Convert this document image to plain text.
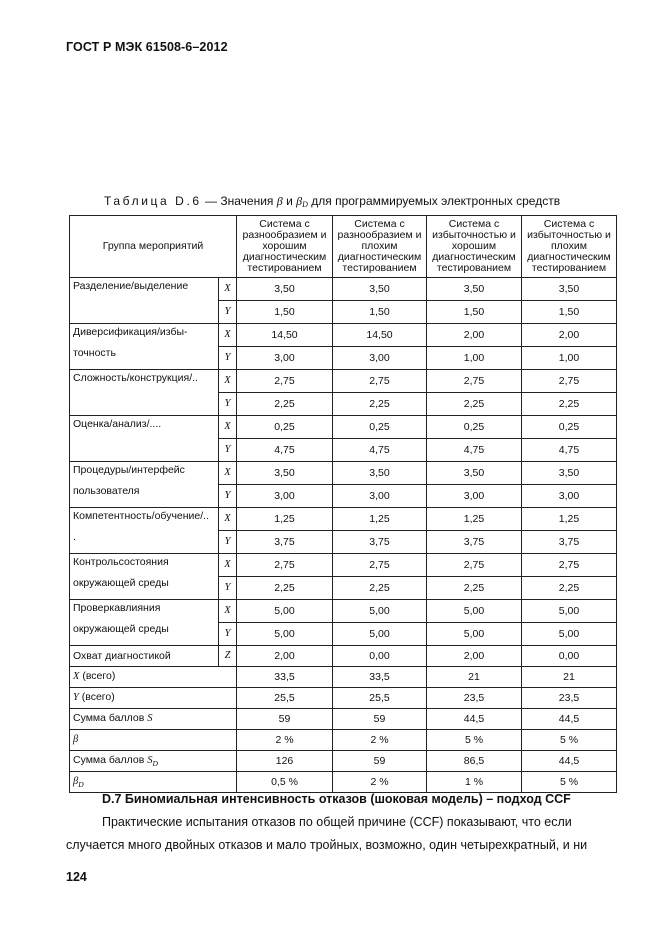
ГОСТ Р МЭК 61508-6–2012
Таблица D.6 — Значения β и $\beta_D$ для программируемых электронных средств
Группа мероприятий		Система с разнообразием и хорошим диагностическим тестированием	Система с разнообразием и плохим диагностическим тестированием	Система с избыточностью и хорошим диагностическим тестированием	Система с избыточностью и плохим диагностическим тестированием

Разделение/выделение	X	3,50	3,50	3,50	3,50
	Y	1,50	1,50	1,50	1,50

Диверсификация/избы-
точность	X	14,50	14,50	2,00	2,00
	Y	3,00	3,00	1,00	1,00

Сложность/конструкция/..	X	2,75	2,75	2,75	2,75
	Y	2,25	2,25	2,25	2,25

Оценка/анализ/....	X	0,25	0,25	0,25	0,25
	Y	4,75	4,75	4,75	4,75

Процедуры/интерфейс
пользователя	X	3,50	3,50	3,50	3,50
	Y	3,00	3,00	3,00	3,00

Компетентность/обучение/..
.	X	1,25	1,25	1,25	1,25
	Y	3,75	3,75	3,75	3,75

Контрольсостояния
окружающей среды	X	2,75	2,75	2,75	2,75
	Y	2,25	2,25	2,25	2,25

Проверкавлияния
окружающей среды	X	5,00	5,00	5,00	5,00
	Y	5,00	5,00	5,00	5,00
Охват диагностикой	Z	2,00	0,00	2,00	0,00
X (всего)		33,5	33,5	21	21
Y (всего)		25,5	25,5	23,5	23,5
Сумма баллов S		59	59	44,5	44,5
β		2 %	2 %	5 %	5 %
Сумма баллов $S_D$		126	59	86,5	44,5
$\beta_D$		0,5 %	2 %	1 %	5 %
D.7 Биномиальная интенсивность отказов (шоковая модель) – подход CCF
Практические испытания отказов по общей причине (CCF) показывают, что если
случается много двойных отказов и мало тройных, возможно, один четырехкратный, и ни
124
